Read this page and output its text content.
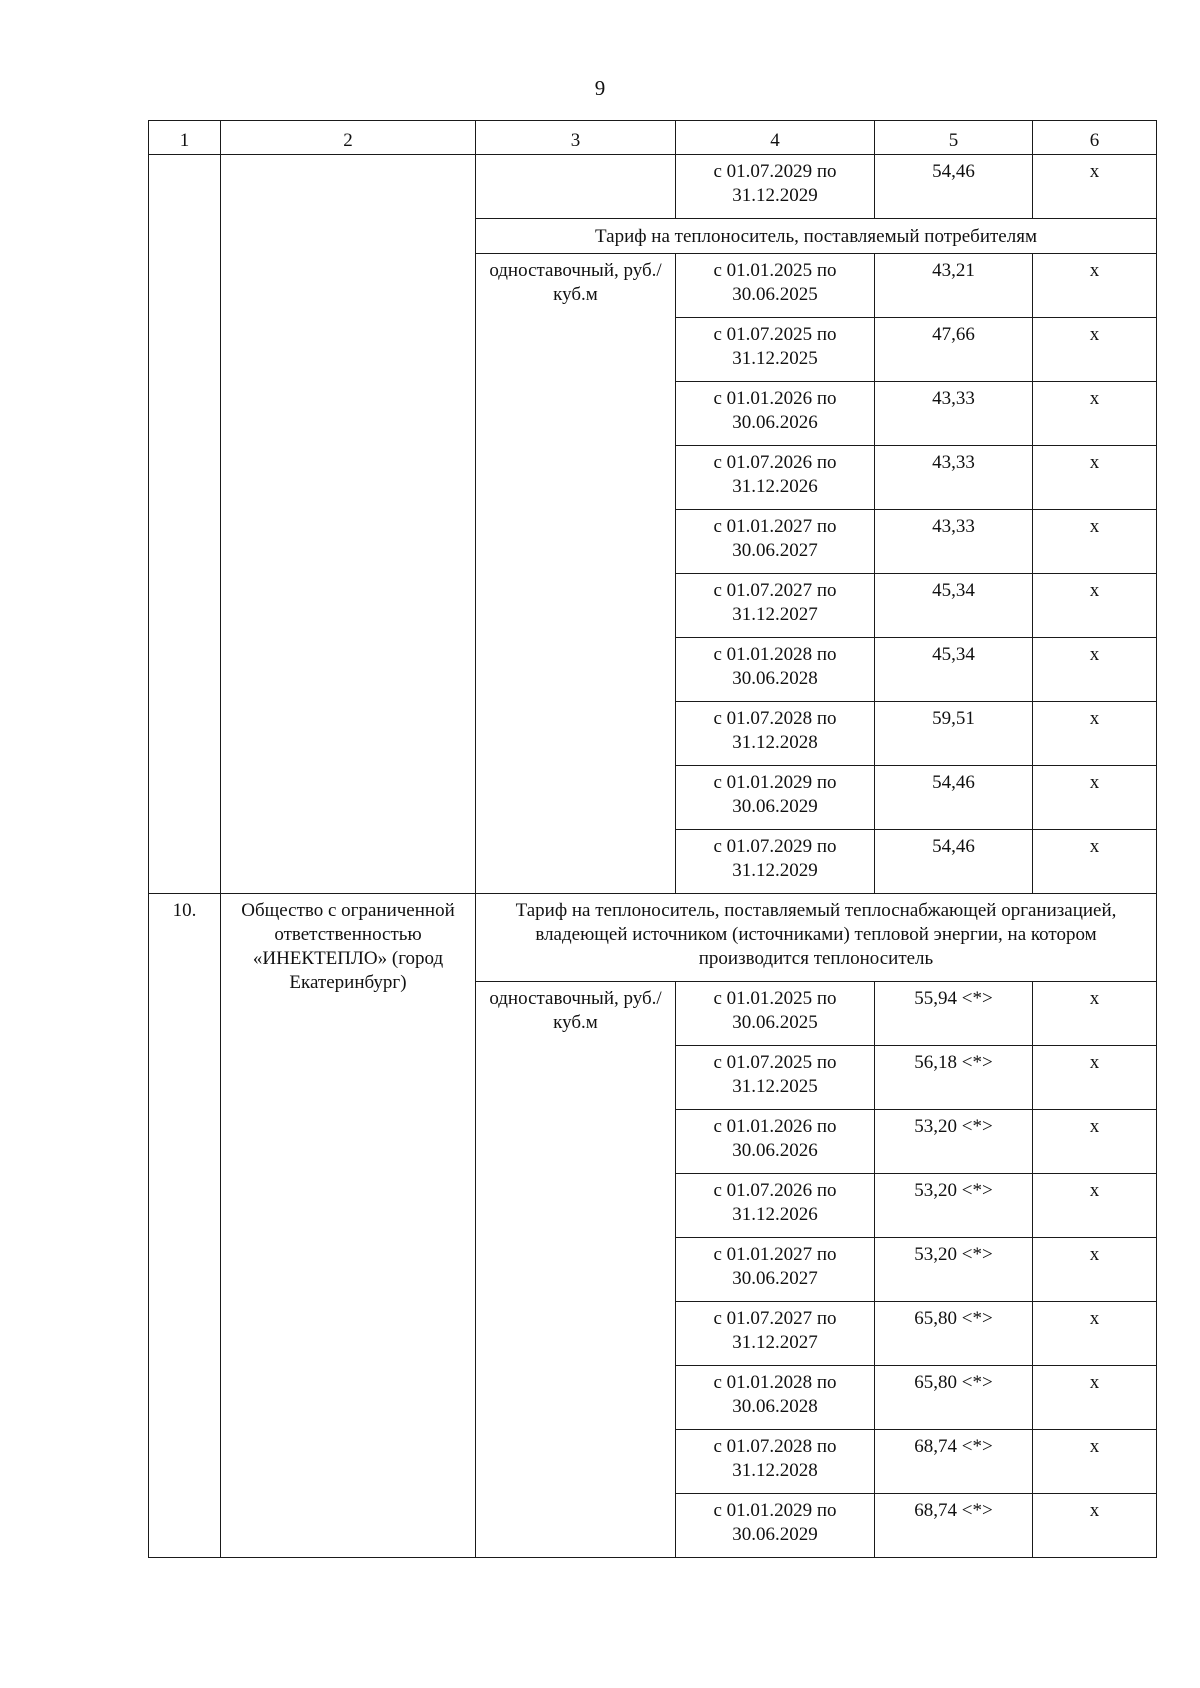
9
1	2	3	4	5	6
			с 01.07.2029 по 31.12.2029	54,46	х
		Тариф на теплоноситель, поставляемый потребителям			
		одноставочный, руб./куб.м	с 01.01.2025 по 30.06.2025	43,21	х
			с 01.07.2025 по 31.12.2025	47,66	х
			с 01.01.2026 по 30.06.2026	43,33	х
			с 01.07.2026 по 31.12.2026	43,33	х
			с 01.01.2027 по 30.06.2027	43,33	х
			с 01.07.2027 по 31.12.2027	45,34	х
			с 01.01.2028 по 30.06.2028	45,34	х
			с 01.07.2028 по 31.12.2028	59,51	х
			с 01.01.2029 по 30.06.2029	54,46	х
			с 01.07.2029 по 31.12.2029	54,46	х
10.	Общество с ограниченной ответственностью «ИНЕКТЕПЛО» (город Екатеринбург)	Тариф на теплоноситель, поставляемый теплоснабжающей организацией, владеющей источником (источниками) тепловой энергии, на котором производится теплоноситель			
		одноставочный, руб./куб.м	с 01.01.2025 по 30.06.2025	55,94 <*>	х
			с 01.07.2025 по 31.12.2025	56,18 <*>	х
			с 01.01.2026 по 30.06.2026	53,20 <*>	х
			с 01.07.2026 по 31.12.2026	53,20 <*>	х
			с 01.01.2027 по 30.06.2027	53,20 <*>	х
			с 01.07.2027 по 31.12.2027	65,80 <*>	х
			с 01.01.2028 по 30.06.2028	65,80 <*>	х
			с 01.07.2028 по 31.12.2028	68,74 <*>	х
			с 01.01.2029 по 30.06.2029	68,74 <*>	х
